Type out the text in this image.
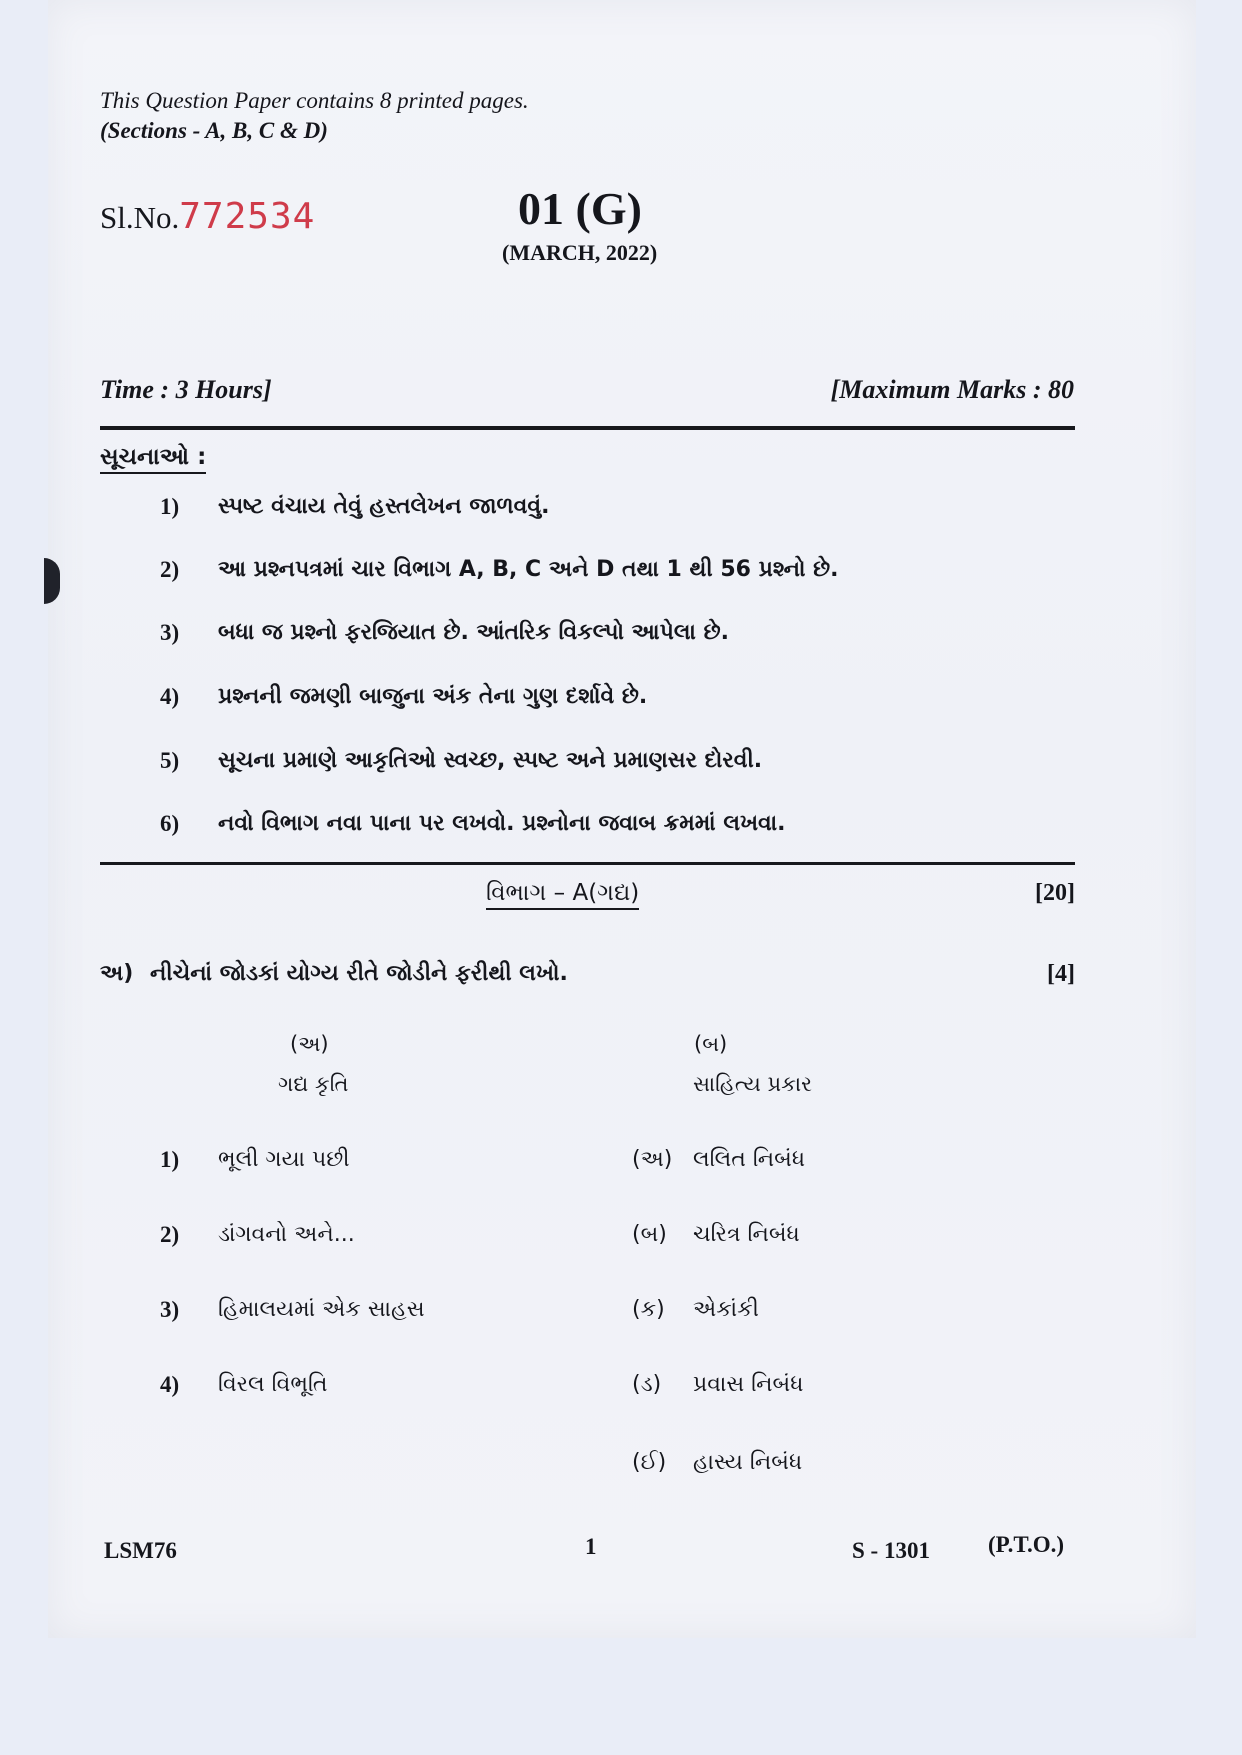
This Question Paper contains 8 printed pages.
(Sections - A, B, C & D)
Sl.No.772534	01 (G)
(MARCH, 2022)
Time : 3 Hours]	[Maximum Marks : 80
સૂચનાઓ :
1) સ્પષ્ટ વંચાય તેવું હસ્તલેખન જાળવવું.
2) આ પ્રશ્નપત્રમાં ચાર વિભાગ A, B, C અને D તથા 1 થી 56 પ્રશ્નો છે.
3) બધા જ પ્રશ્નો ફરજિયાત છે. આંતરિક વિકલ્પો આપેલા છે.
4) પ્રશ્નની જમણી બાજુના અંક તેના ગુણ દર્શાવે છે.
5) સૂચના પ્રમાણે આકૃતિઓ સ્વચ્છ, સ્પષ્ટ અને પ્રમાણસર દોરવી.
6) નવો વિભાગ નવા પાના પર લખવો. પ્રશ્નોના જવાબ ક્રમમાં લખવા.
વિભાગ – A(ગદ્ય)	[20]
અ) નીચેનાં જોડકાં યોગ્ય રીતે જોડીને ફરીથી લખો.	[4]
(અ)
ગદ્ય કૃતિ
(બ)
સાહિત્ય પ્રકાર
1) ભૂલી ગયા પછી	(અ) લલિત નિબંધ
2) ડાંગવનો અને...	(બ) ચરિત્ર નિબંધ
3) હિમાલયમાં એક સાહસ	(ક) એકાંકી
4) વિરલ વિભૂતિ	(ડ) પ્રવાસ નિબંધ
(ઈ) હાસ્ય નિબંધ
LSM76	1	S - 1301	(P.T.O.)
